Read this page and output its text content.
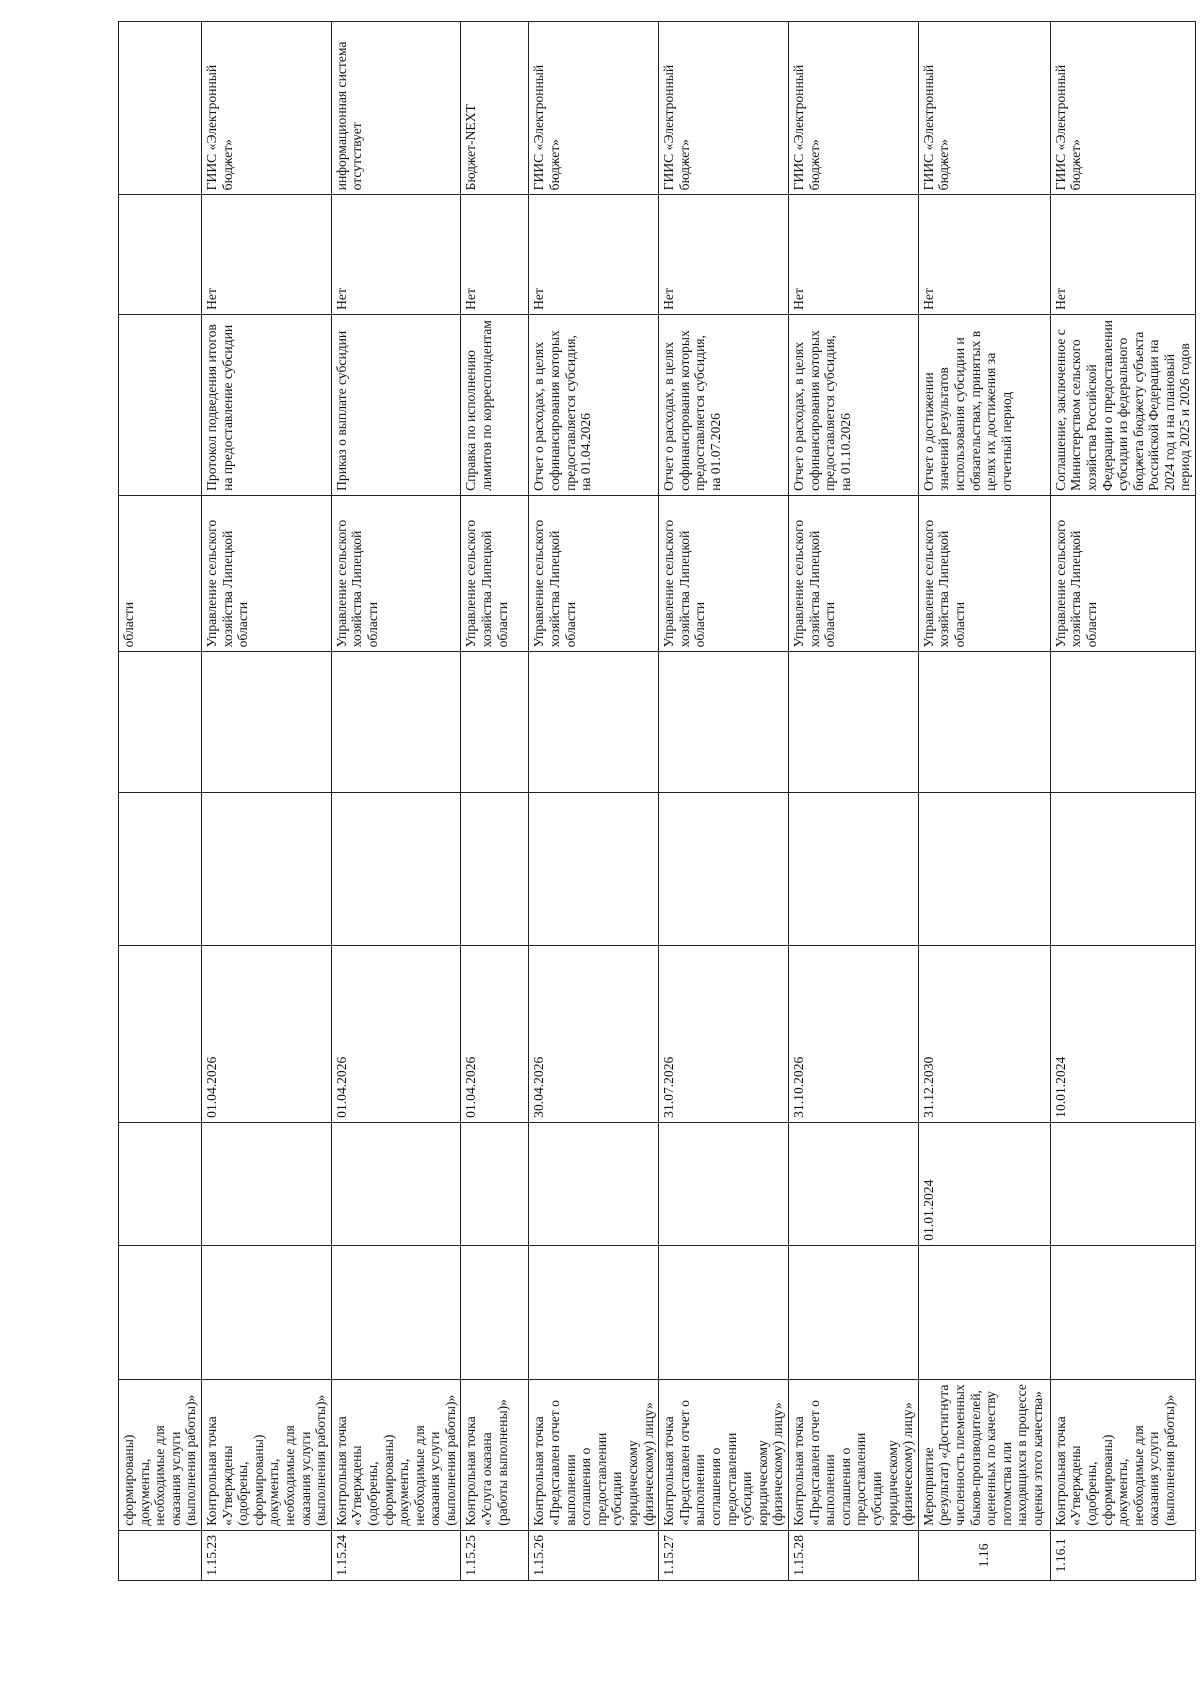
	сформированы) документы, необходимые для оказания услуги (выполнения работы)»						области			
1.15.23	Контрольная точка «Утверждены (одобрены, сформированы) документы, необходимые для оказания услуги (выполнения работы)»			01.04.2026			Управление сельского хозяйства Липецкой области	Протокол подведения итогов на предоставление субсидии	Нет	ГИИС «Электронный бюджет»
1.15.24	Контрольная точка «Утверждены (одобрены, сформированы) документы, необходимые для оказания услуги (выполнения работы)»			01.04.2026			Управление сельского хозяйства Липецкой области	Приказ о выплате субсидии	Нет	информационная система отсутствует
1.15.25	Контрольная точка «Услуга оказана (работы выполнены)»			01.04.2026			Управление сельского хозяйства Липецкой области	Справка по исполнению лимитов по корреспондентам	Нет	Бюджет-NEXT
1.15.26	Контрольная точка «Представлен отчет о выполнении соглашения о предоставлении субсидии юридическому (физическому) лицу»			30.04.2026			Управление сельского хозяйства Липецкой области	Отчет о расходах, в целях софинансирования которых предоставляется субсидия, на 01.04.2026	Нет	ГИИС «Электронный бюджет»
1.15.27	Контрольная точка «Представлен отчет о выполнении соглашения о предоставлении субсидии юридическому (физическому) лицу»			31.07.2026			Управление сельского хозяйства Липецкой области	Отчет о расходах, в целях софинансирования которых предоставляется субсидия, на 01.07.2026	Нет	ГИИС «Электронный бюджет»
1.15.28	Контрольная точка «Представлен отчет о выполнении соглашения о предоставлении субсидии юридическому (физическому) лицу»			31.10.2026			Управление сельского хозяйства Липецкой области	Отчет о расходах, в целях софинансирования которых предоставляется субсидия, на 01.10.2026	Нет	ГИИС «Электронный бюджет»
1.16	Мероприятие (результат) «Достигнута численность племенных быков-производителей, оцененных по качеству потомства или находящихся в процессе оценки этого качества»		01.01.2024	31.12.2030			Управление сельского хозяйства Липецкой области	Отчет о достижении значений результатов использования субсидии и обязательствах, принятых в целях их достижения за отчетный период	Нет	ГИИС «Электронный бюджет»
1.16.1	Контрольная точка «Утверждены (одобрены, сформированы) документы, необходимые для оказания услуги (выполнения работы)»			10.01.2024			Управление сельского хозяйства Липецкой области	Соглашение, заключенное с Министерством сельского хозяйства Российской Федерации о предоставлении субсидии из федерального бюджета бюджету субъекта Российской Федерации на 2024 год и на плановый период 2025 и 2026 годов	Нет	ГИИС «Электронный бюджет»
